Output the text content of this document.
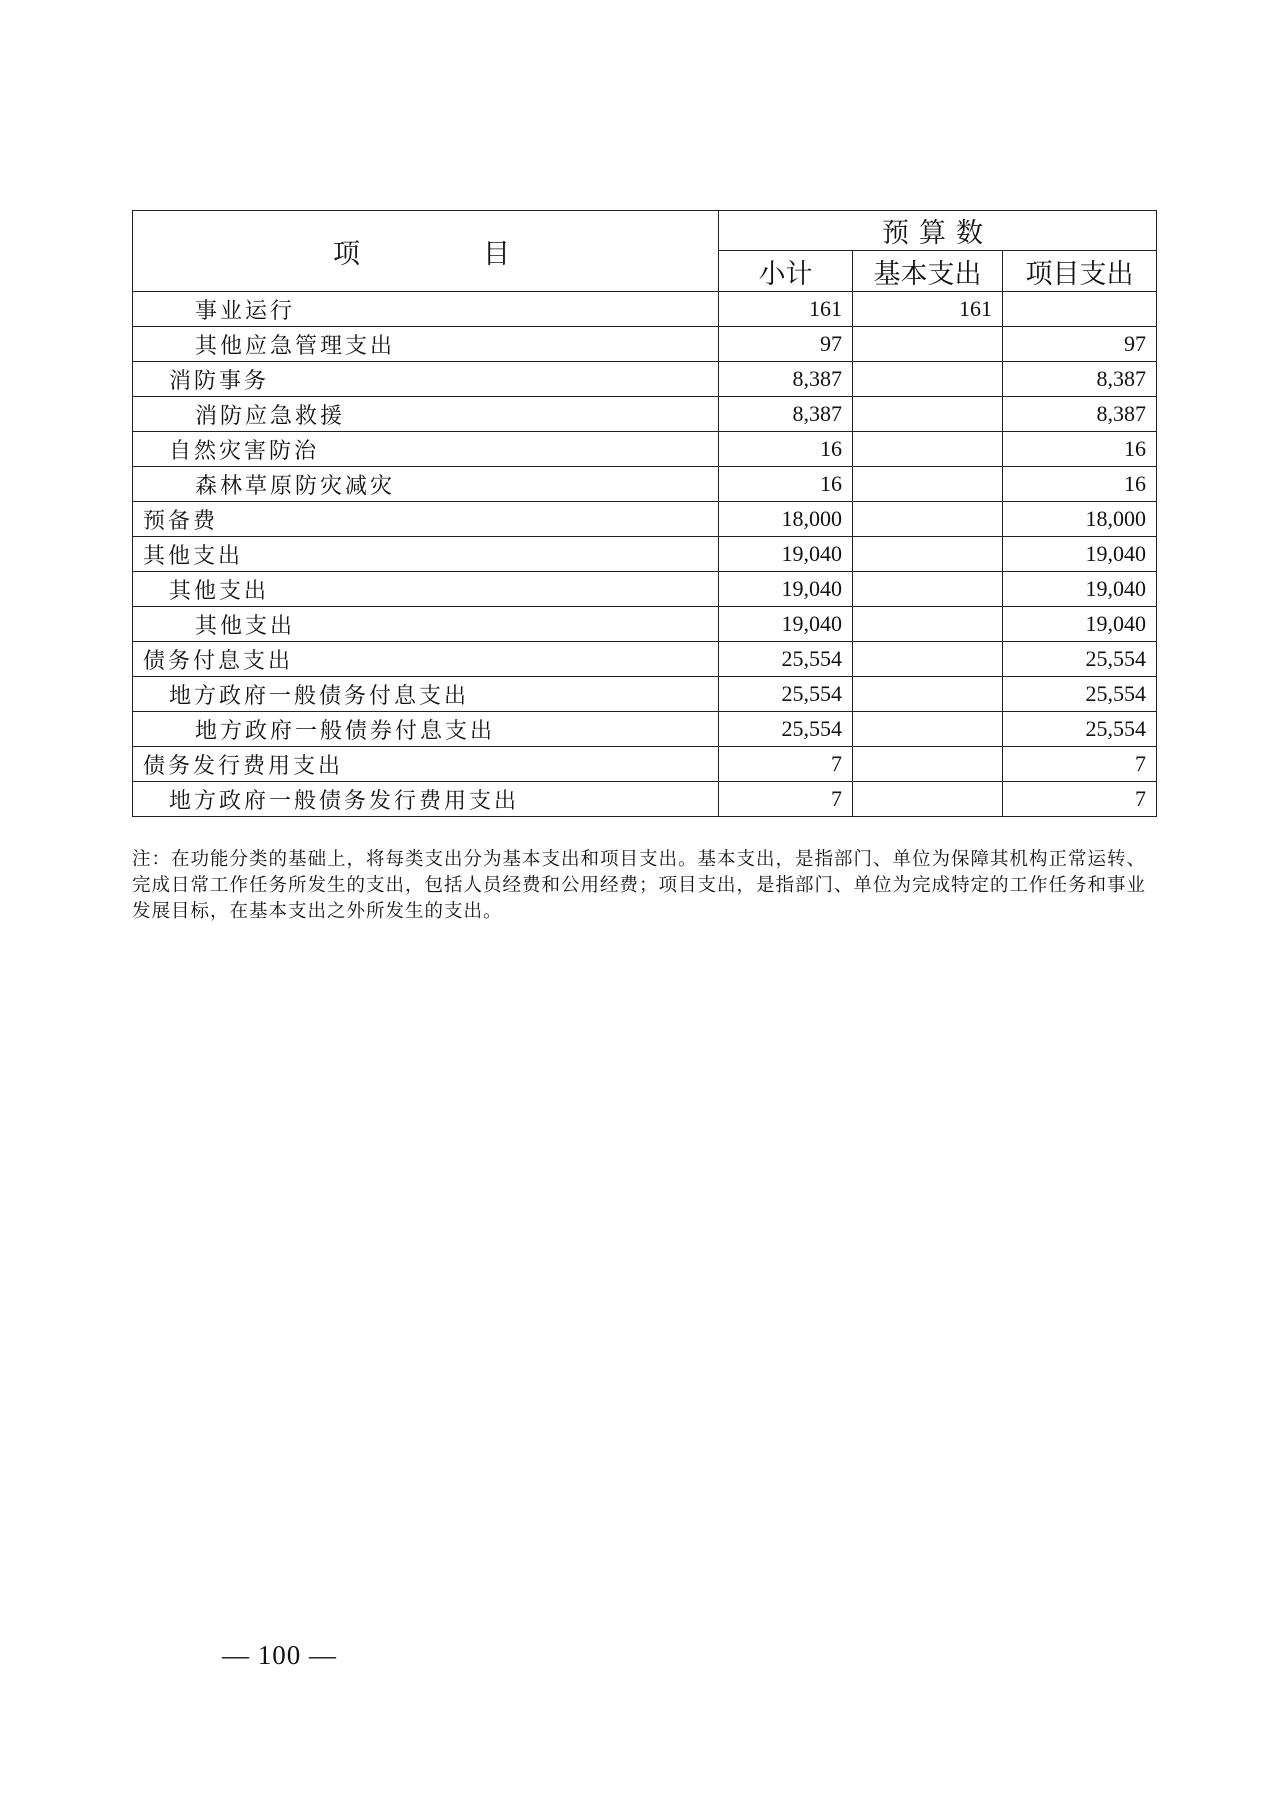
项　目	预算数		
	小计	基本支出	项目支出
事业运行	161	161	
其他应急管理支出	97		97
消防事务	8,387		8,387
消防应急救援	8,387		8,387
自然灾害防治	16		16
森林草原防灾减灾	16		16
预备费	18,000		18,000
其他支出	19,040		19,040
其他支出	19,040		19,040
其他支出	19,040		19,040
债务付息支出	25,554		25,554
地方政府一般债务付息支出	25,554		25,554
地方政府一般债券付息支出	25,554		25,554
债务发行费用支出	7		7
地方政府一般债务发行费用支出	7		7

注：在功能分类的基础上，将每类支出分为基本支出和项目支出。基本支出，是指部门、单位为保障其机构正常运转、完成日常工作任务所发生的支出，包括人员经费和公用经费；项目支出，是指部门、单位为完成特定的工作任务和事业发展目标，在基本支出之外所发生的支出。

— 100 —
